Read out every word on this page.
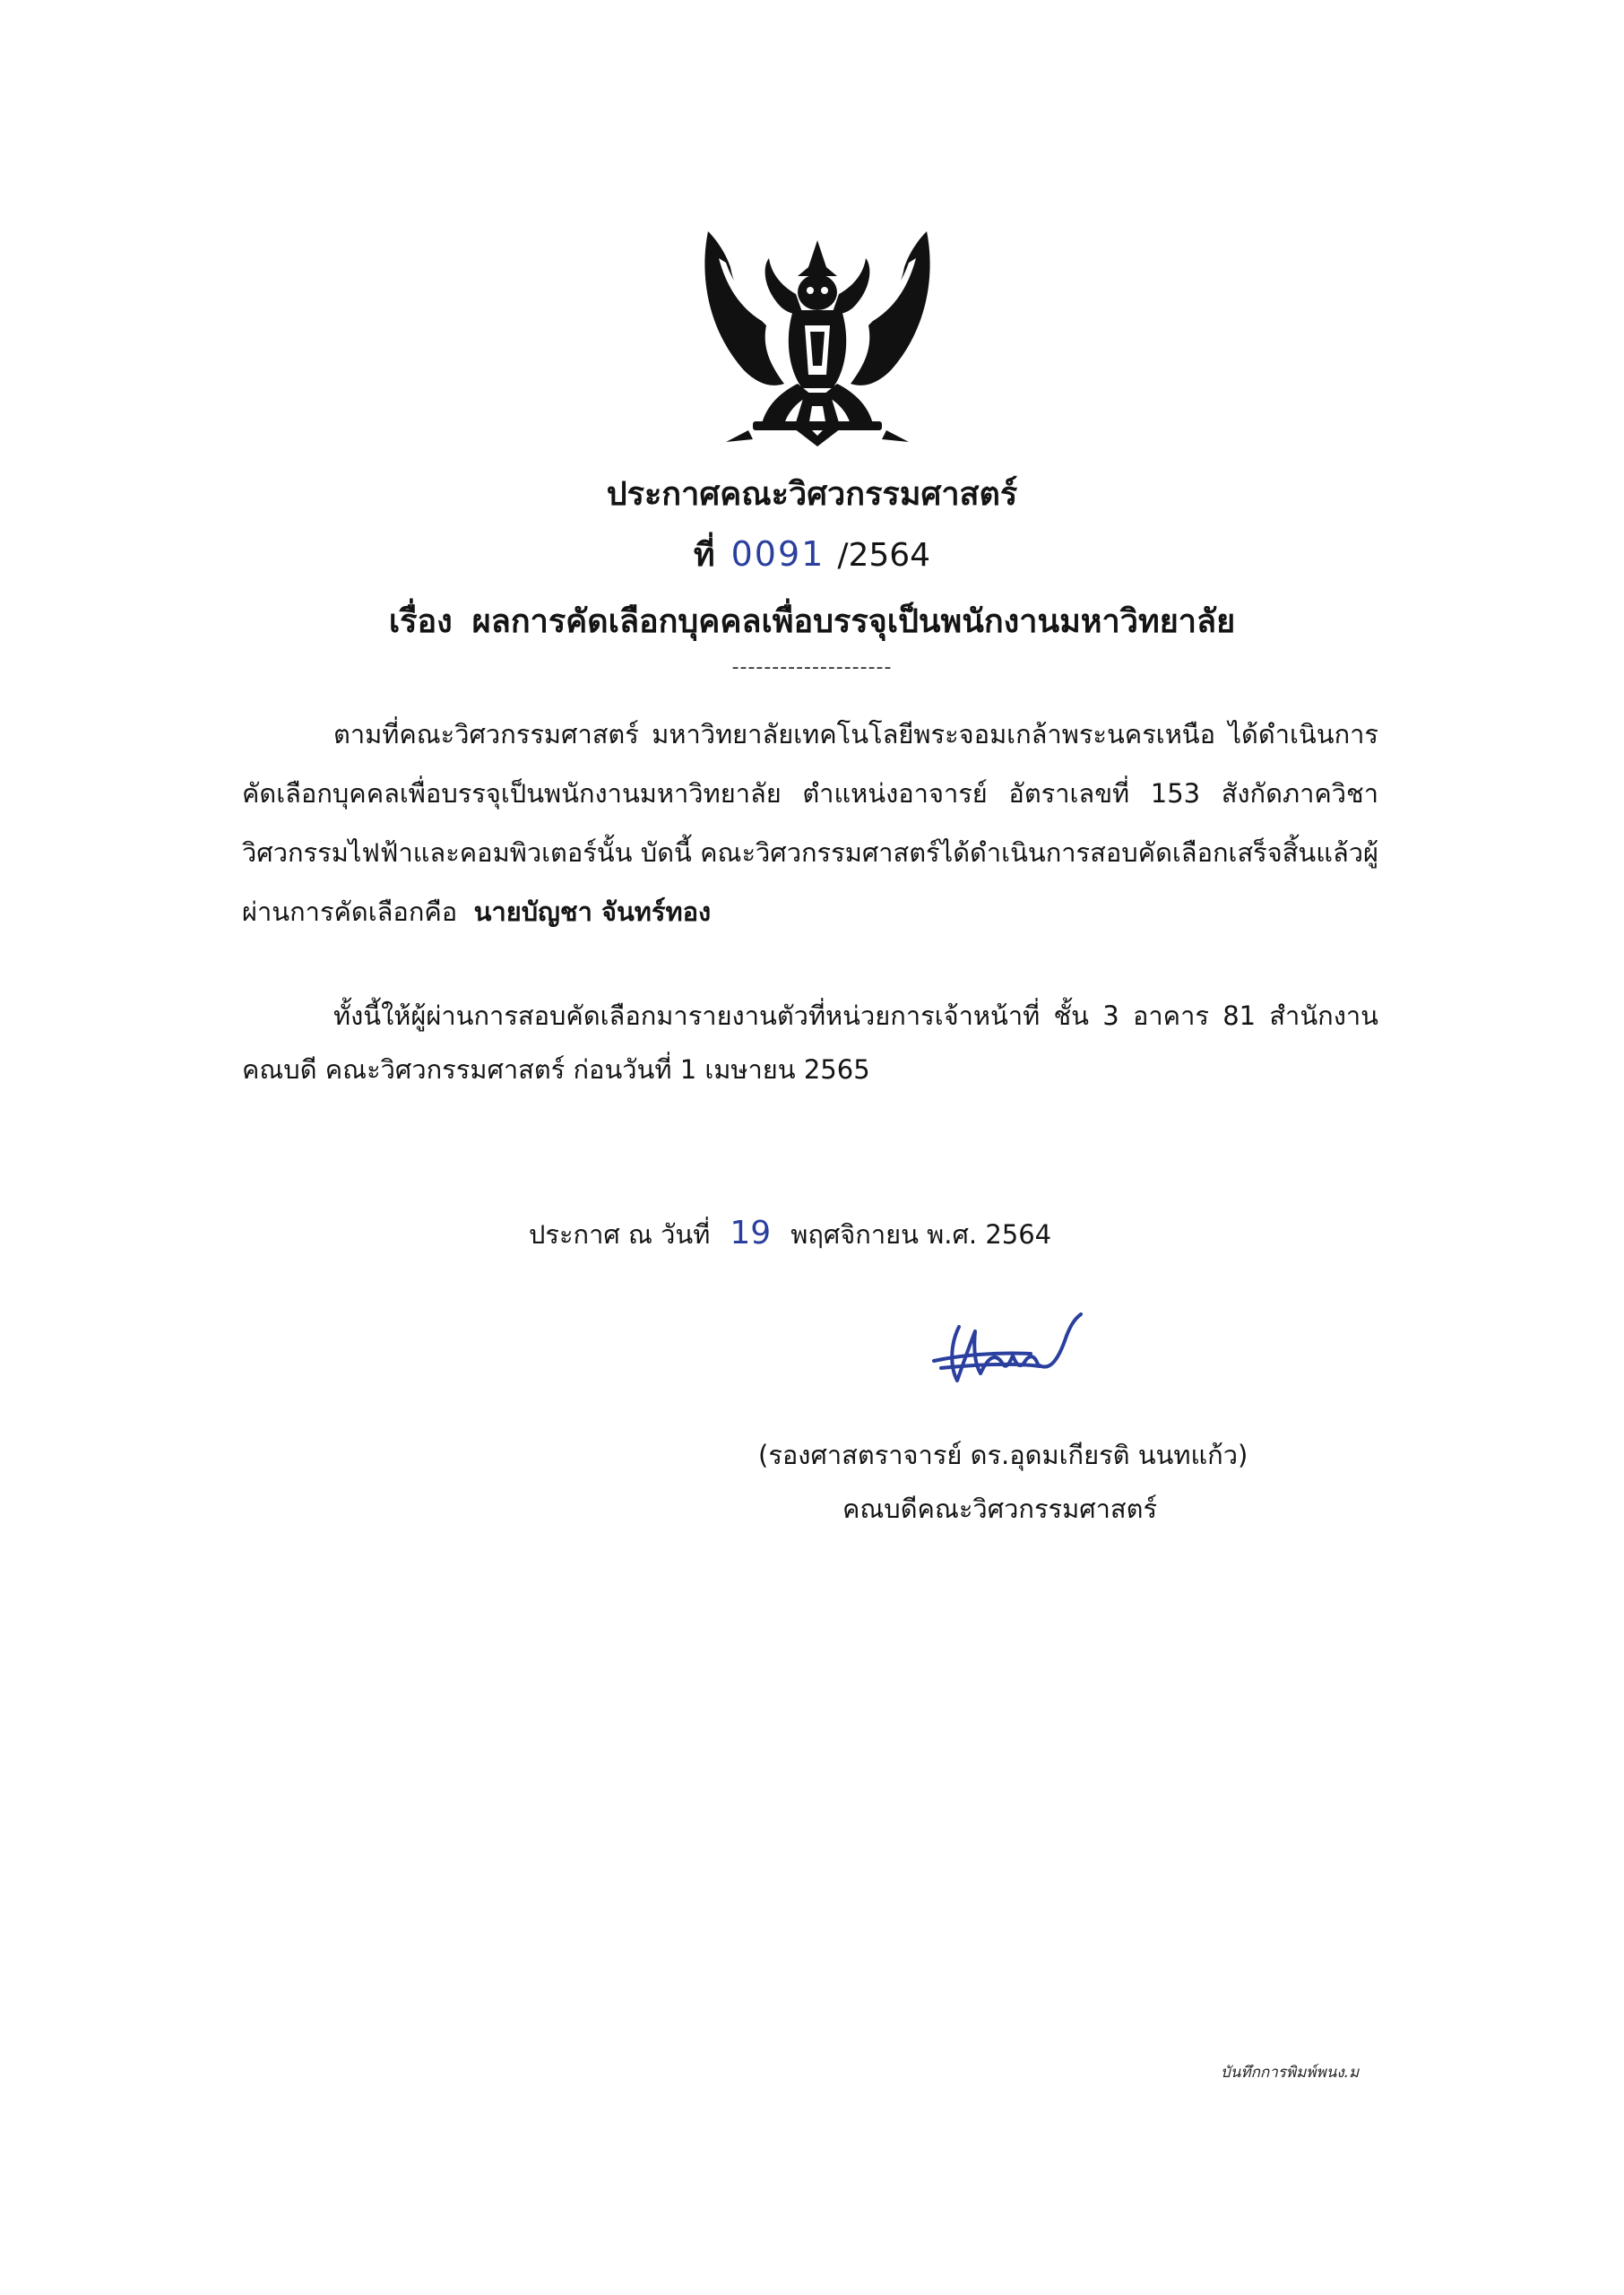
ประกาศคณะวิศวกรรมศาสตร์
ที่ 0091 /2564
เรื่อง ผลการคัดเลือกบุคคลเพื่อบรรจุเป็นพนักงานมหาวิทยาลัย
--------------------
ตามที่คณะวิศวกรรมศาสตร์ มหาวิทยาลัยเทคโนโลยีพระจอมเกล้าพระนครเหนือ ได้ดำเนินการ
คัดเลือกบุคคลเพื่อบรรจุเป็นพนักงานมหาวิทยาลัย ตำแหน่งอาจารย์ อัตราเลขที่ 153 สังกัดภาควิชา
วิศวกรรมไฟฟ้าและคอมพิวเตอร์นั้น บัดนี้ คณะวิศวกรรมศาสตร์ได้ดำเนินการสอบคัดเลือกเสร็จสิ้นแล้วผู้
ผ่านการคัดเลือกคือ นายบัญชา จันทร์ทอง
ทั้งนี้ให้ผู้ผ่านการสอบคัดเลือกมารายงานตัวที่หน่วยการเจ้าหน้าที่ ชั้น 3 อาคาร 81 สำนักงาน
คณบดี คณะวิศวกรรมศาสตร์ ก่อนวันที่ 1 เมษายน 2565
ประกาศ ณ วันที่ 19 พฤศจิกายน พ.ศ. 2564
(รองศาสตราจารย์ ดร.อุดมเกียรติ นนทแก้ว)
คณบดีคณะวิศวกรรมศาสตร์
บันทึกการพิมพ์พนง.ม
